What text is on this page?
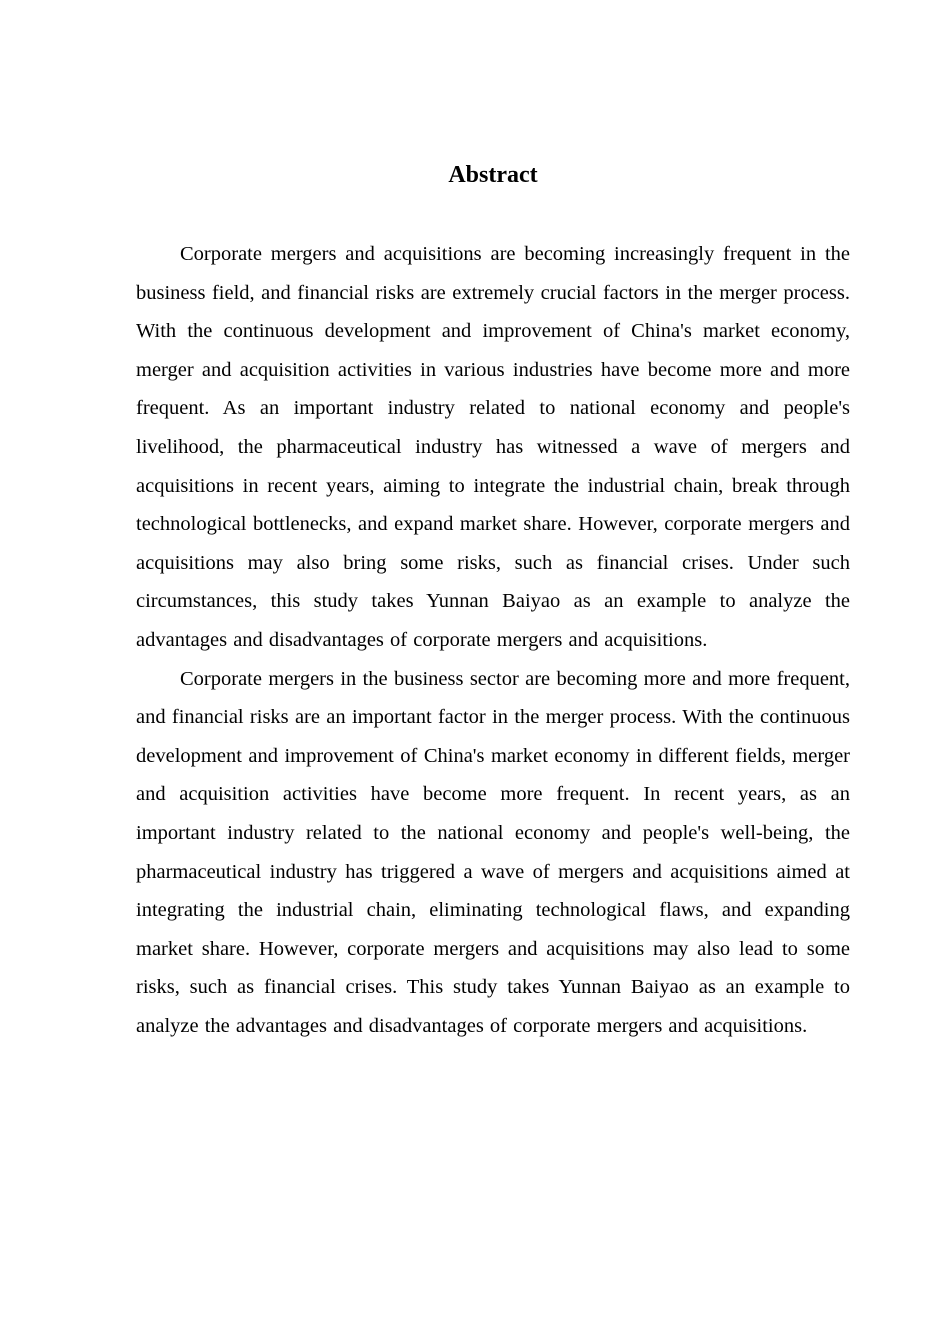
Abstract

Corporate mergers and acquisitions are becoming increasingly frequent in the business field, and financial risks are extremely crucial factors in the merger process. With the continuous development and improvement of China's market economy, merger and acquisition activities in various industries have become more and more frequent. As an important industry related to national economy and people's livelihood, the pharmaceutical industry has witnessed a wave of mergers and acquisitions in recent years, aiming to integrate the industrial chain, break through technological bottlenecks, and expand market share. However, corporate mergers and acquisitions may also bring some risks, such as financial crises. Under such circumstances, this study takes Yunnan Baiyao as an example to analyze the advantages and disadvantages of corporate mergers and acquisitions.

Corporate mergers in the business sector are becoming more and more frequent, and financial risks are an important factor in the merger process. With the continuous development and improvement of China's market economy in different fields, merger and acquisition activities have become more frequent. In recent years, as an important industry related to the national economy and people's well-being, the pharmaceutical industry has triggered a wave of mergers and acquisitions aimed at integrating the industrial chain, eliminating technological flaws, and expanding market share. However, corporate mergers and acquisitions may also lead to some risks, such as financial crises. This study takes Yunnan Baiyao as an example to analyze the advantages and disadvantages of corporate mergers and acquisitions.
